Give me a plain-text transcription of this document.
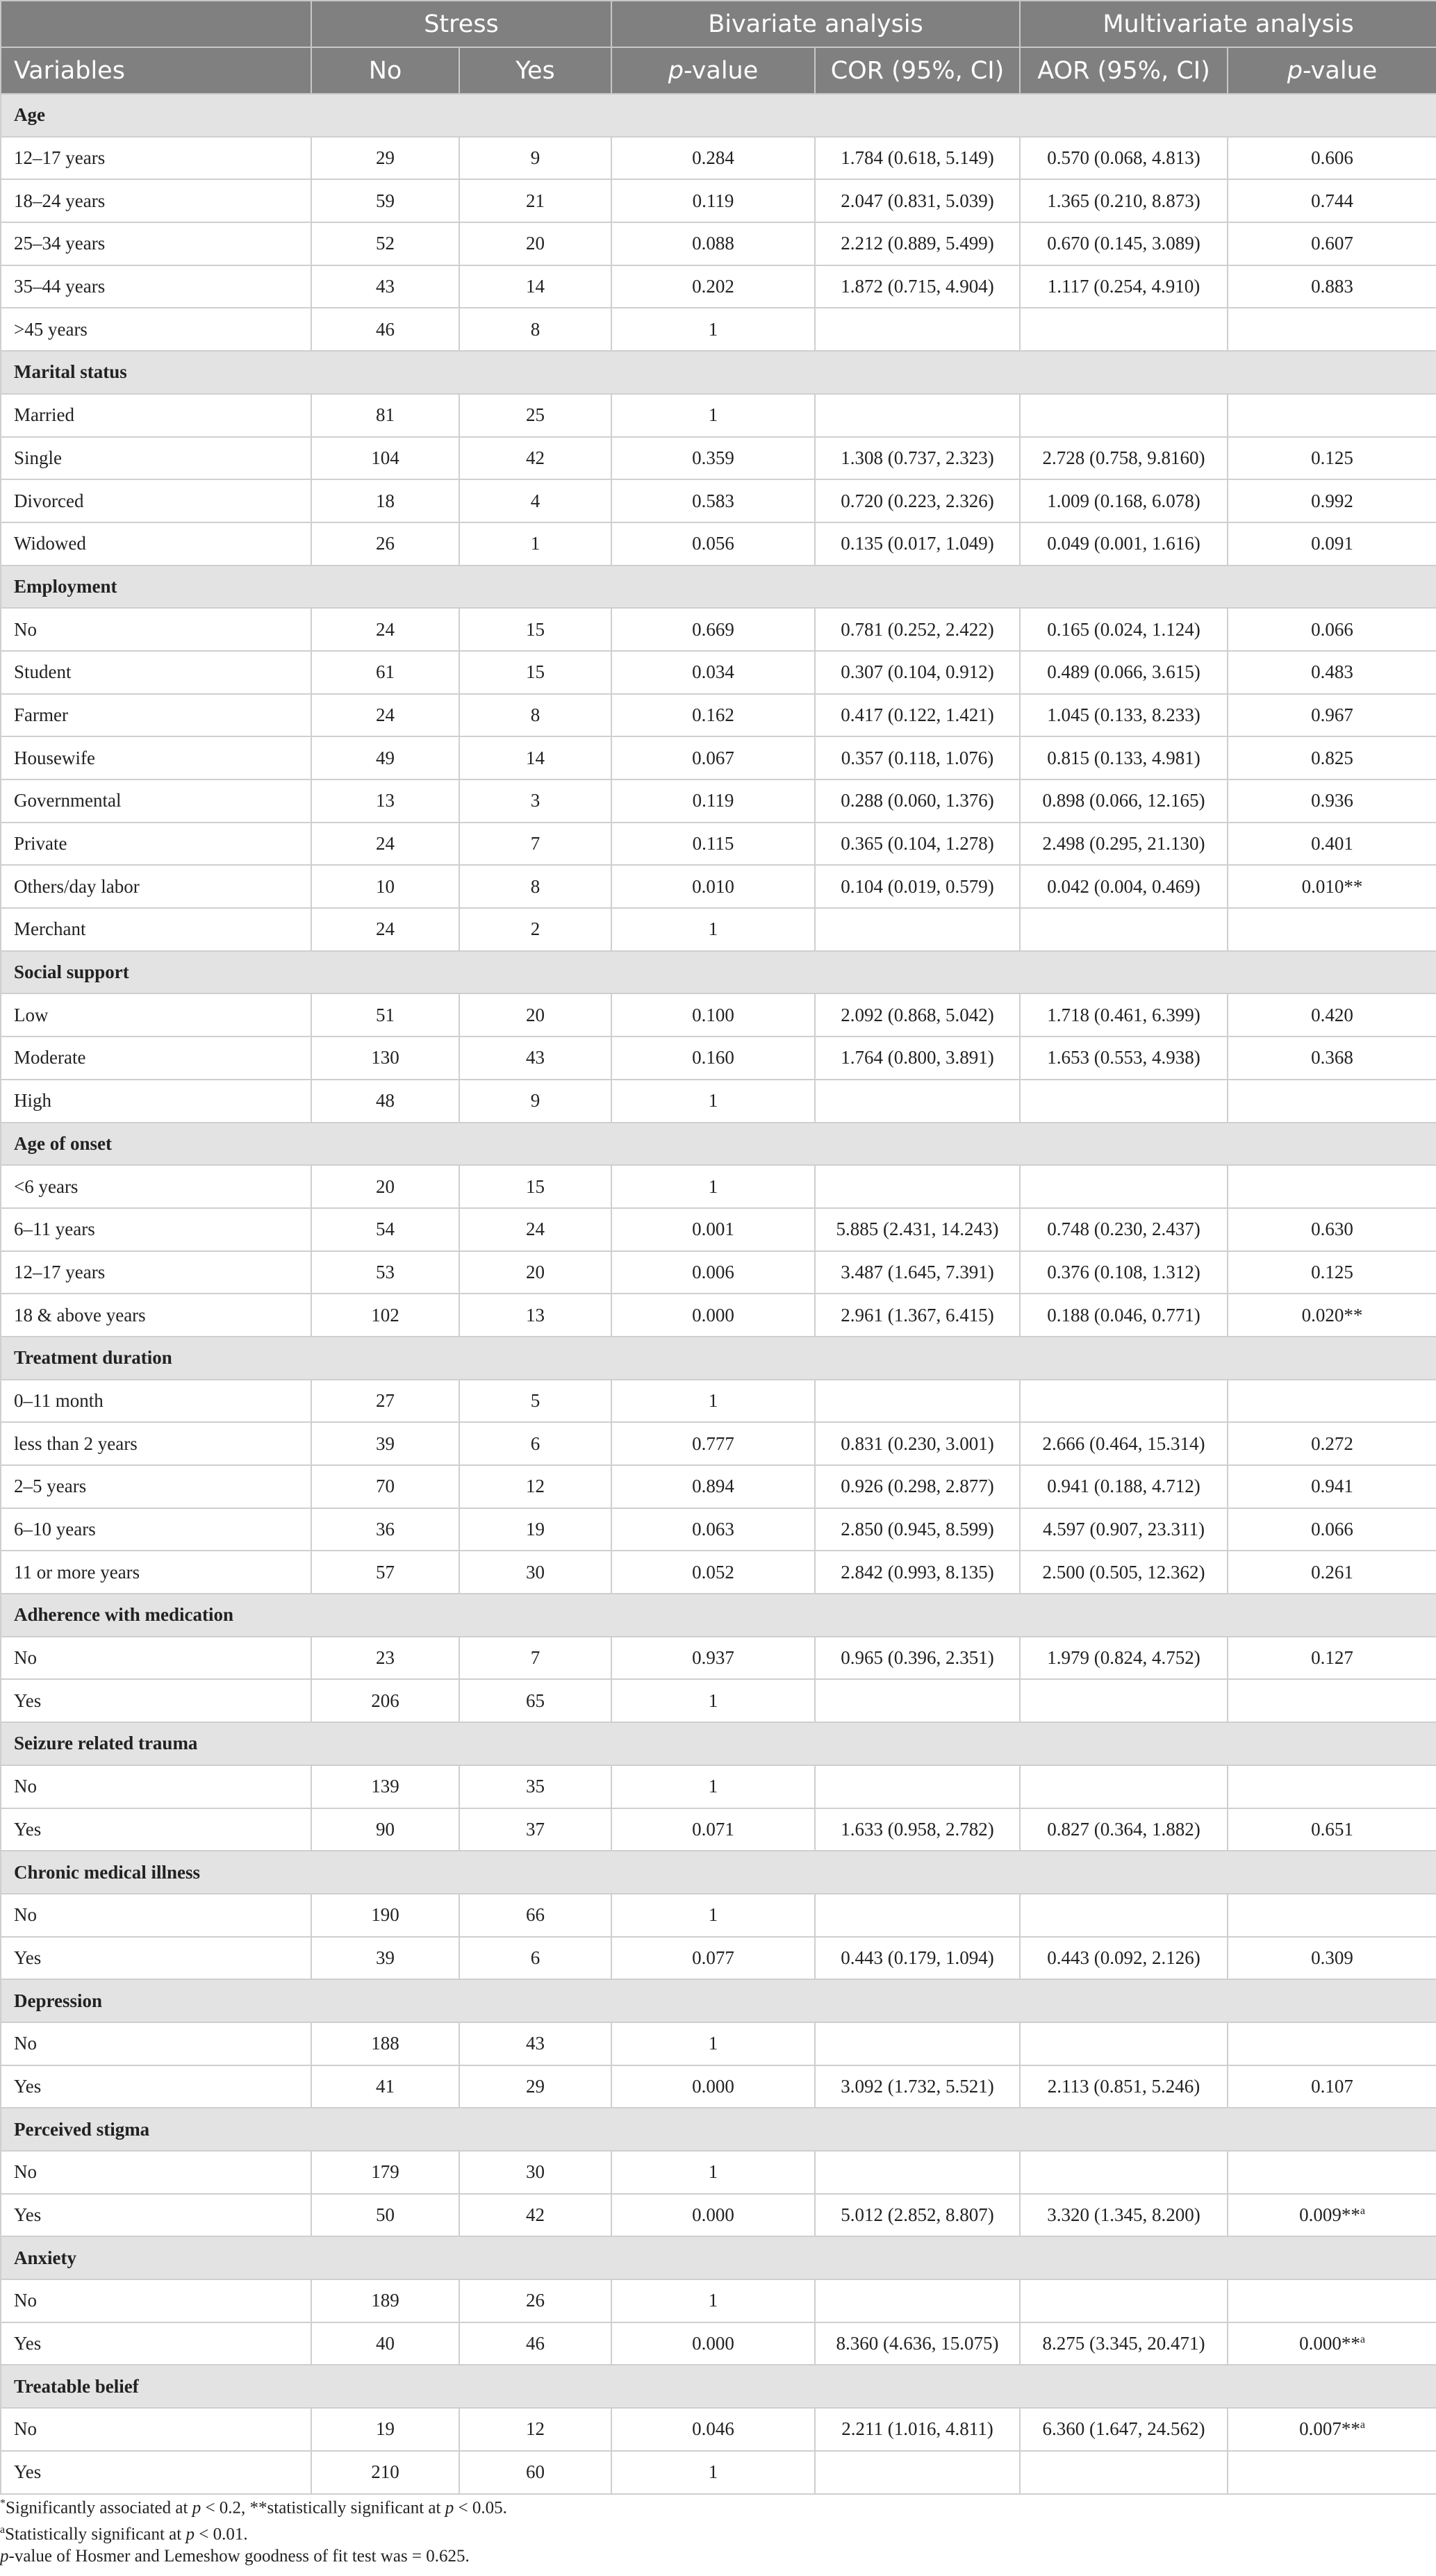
	Stress		Bivariate analysis		Multivariate analysis	
Variables	No	Yes	p-value	COR (95%, CI)	AOR (95%, CI)	p-value
Age						
12–17 years	29	9	0.284	1.784 (0.618, 5.149)	0.570 (0.068, 4.813)	0.606
18–24 years	59	21	0.119	2.047 (0.831, 5.039)	1.365 (0.210, 8.873)	0.744
25–34 years	52	20	0.088	2.212 (0.889, 5.499)	0.670 (0.145, 3.089)	0.607
35–44 years	43	14	0.202	1.872 (0.715, 4.904)	1.117 (0.254, 4.910)	0.883
>45 years	46	8	1			
Marital status						
Married	81	25	1			
Single	104	42	0.359	1.308 (0.737, 2.323)	2.728 (0.758, 9.8160)	0.125
Divorced	18	4	0.583	0.720 (0.223, 2.326)	1.009 (0.168, 6.078)	0.992
Widowed	26	1	0.056	0.135 (0.017, 1.049)	0.049 (0.001, 1.616)	0.091
Employment						
No	24	15	0.669	0.781 (0.252, 2.422)	0.165 (0.024, 1.124)	0.066
Student	61	15	0.034	0.307 (0.104, 0.912)	0.489 (0.066, 3.615)	0.483
Farmer	24	8	0.162	0.417 (0.122, 1.421)	1.045 (0.133, 8.233)	0.967
Housewife	49	14	0.067	0.357 (0.118, 1.076)	0.815 (0.133, 4.981)	0.825
Governmental	13	3	0.119	0.288 (0.060, 1.376)	0.898 (0.066, 12.165)	0.936
Private	24	7	0.115	0.365 (0.104, 1.278)	2.498 (0.295, 21.130)	0.401
Others/day labor	10	8	0.010	0.104 (0.019, 0.579)	0.042 (0.004, 0.469)	0.010**
Merchant	24	2	1			
Social support						
Low	51	20	0.100	2.092 (0.868, 5.042)	1.718 (0.461, 6.399)	0.420
Moderate	130	43	0.160	1.764 (0.800, 3.891)	1.653 (0.553, 4.938)	0.368
High	48	9	1			
Age of onset						
<6 years	20	15	1			
6–11 years	54	24	0.001	5.885 (2.431, 14.243)	0.748 (0.230, 2.437)	0.630
12–17 years	53	20	0.006	3.487 (1.645, 7.391)	0.376 (0.108, 1.312)	0.125
18 & above years	102	13	0.000	2.961 (1.367, 6.415)	0.188 (0.046, 0.771)	0.020**
Treatment duration						
0–11 month	27	5	1			
less than 2 years	39	6	0.777	0.831 (0.230, 3.001)	2.666 (0.464, 15.314)	0.272
2–5 years	70	12	0.894	0.926 (0.298, 2.877)	0.941 (0.188, 4.712)	0.941
6–10 years	36	19	0.063	2.850 (0.945, 8.599)	4.597 (0.907, 23.311)	0.066
11 or more years	57	30	0.052	2.842 (0.993, 8.135)	2.500 (0.505, 12.362)	0.261
Adherence with medication						
No	23	7	0.937	0.965 (0.396, 2.351)	1.979 (0.824, 4.752)	0.127
Yes	206	65	1			
Seizure related trauma						
No	139	35	1			
Yes	90	37	0.071	1.633 (0.958, 2.782)	0.827 (0.364, 1.882)	0.651
Chronic medical illness						
No	190	66	1			
Yes	39	6	0.077	0.443 (0.179, 1.094)	0.443 (0.092, 2.126)	0.309
Depression						
No	188	43	1			
Yes	41	29	0.000	3.092 (1.732, 5.521)	2.113 (0.851, 5.246)	0.107
Perceived stigma						
No	179	30	1			
Yes	50	42	0.000	5.012 (2.852, 8.807)	3.320 (1.345, 8.200)	0.009**$^a$
Anxiety						
No	189	26	1			
Yes	40	46	0.000	8.360 (4.636, 15.075)	8.275 (3.345, 20.471)	0.000**$^a$
Treatable belief						
No	19	12	0.046	2.211 (1.016, 4.811)	6.360 (1.647, 24.562)	0.007**$^a$
Yes	210	60	1			
*Significantly associated at p < 0.2, **statistically significant at p < 0.05.
$^a$Statistically significant at p < 0.01.
p-value of Hosmer and Lemeshow goodness of fit test was = 0.625.
